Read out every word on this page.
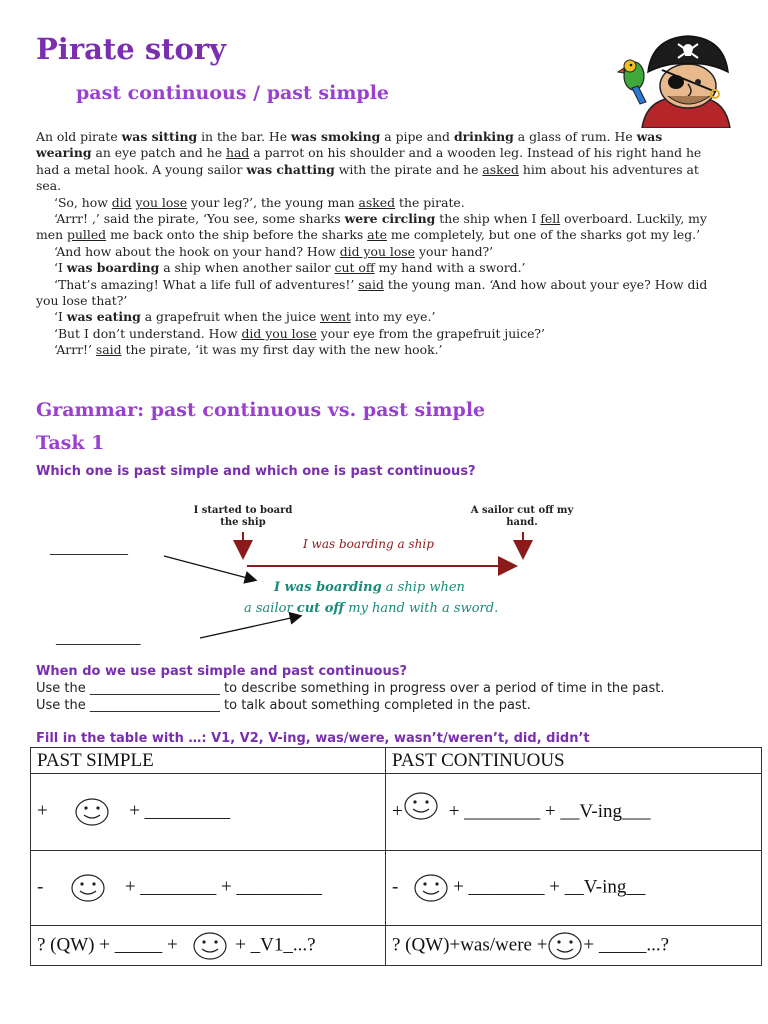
Pirate story
past continuous / past simple

An old pirate was sitting in the bar. He was smoking a pipe and drinking a glass of rum. He was wearing an eye patch and he had a parrot on his shoulder and a wooden leg. Instead of his right hand he had a metal hook. A young sailor was chatting with the pirate and he asked him about his adventures at sea.

‘So, how did you lose your leg?’, the young man asked the pirate.

‘Arrr! ,’ said the pirate, ‘You see, some sharks were circling the ship when I fell overboard. Luckily, my men pulled me back onto the ship before the sharks ate me completely, but one of the sharks got my leg.’

‘And how about the hook on your hand? How did you lose your hand?’

‘I was boarding a ship when another sailor cut off my hand with a sword.’

‘That’s amazing! What a life full of adventures!’ said the young man. ‘And how about your eye? How did you lose that?’

‘I was eating a grapefruit when the juice went into my eye.’

‘But I don’t understand. How did you lose your eye from the grapefruit juice?’

‘Arrr!’ said the pirate, ‘it was my first day with the new hook.’

Grammar: past continuous vs. past simple
Task 1
Which one is past simple and which one is past continuous?
I started to board the ship
A sailor cut off my hand.
I was boarding a ship
I was boarding a ship when
a sailor cut off my hand with a sword.
____________
_____________
When do we use past simple and past continuous?
Use the ____________________ to describe something in progress over a period of time in the past.
Use the ____________________ to talk about something completed in the past.
Fill in the table with …: V1, V2, V-ing, was/were, wasn’t/weren’t, did, didn’t
PAST SIMPLE	PAST CONTINUOUS
+ + _________	+ + ________ + __V-ing___
- + ________ + _________	- + ________ + __V-ing__
? (QW) + _____ + + _V1_...?	? (QW)+was/were + + _____...?
